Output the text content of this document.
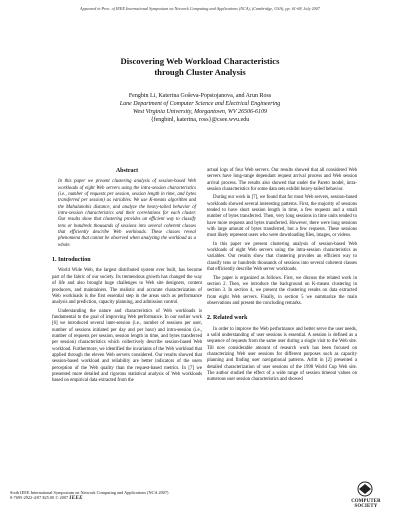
Appeared in Proc. of IEEE International Symposium on Network Computing and Applications (NCA), (Cambridge, USA), pp. 61-68, July 2007
Discovering Web Workload Characteristics
through Cluster Analysis
Fengbin Li, Katerina Goševa-Popstojanova, and Arun Ross
Lane Department of Computer Science and Electrical Engineering
West Virginia University, Morgantown, WV 26506-6109
{fengbinl, katerina, ross}@csee.wvu.edu
Abstract
In this paper we present clustering analysis of session-based Web workloads of eight Web servers using the intra-session characteristics (i.e., number of requests per session, session length in time, and bytes transferred per session) as variables. We use K-means algorithm and the Mahalanobis distance, and analyze the heavy-tailed behavior of intra-session characteristics and their correlations for each cluster. Our results show that clustering provides an efficient way to classify tens or hundreds thousands of sessions into several coherent classes that efficiently describe Web workloads. These classes reveal phenomena that cannot be observed when analyzing the workload as a whole.
1. Introduction

World Wide Web, the largest distributed system ever built, has become part of the fabric of our society. Its tremendous growth has changed the way of life and also brought huge challenges to Web site designers, content producers, and maintainers. The realistic and accurate characterization of Web workloads is the first essential step in the areas such as performance analysis and prediction, capacity planning, and admission control.

Understanding the nature and characteristics of Web workloads is fundamental to the goal of improving Web performance. In our earlier work [6] we introduced several inter-session (i.e., number of sessions per user, number of sessions initiated per day and per hour) and intra-session (i.e., number of requests per session, session length in time, and bytes transferred per session) characteristics which collectively describe session-based Web workload. Furthermore, we identified the invariants of the Web workload that applied through the eleven Web servers considered. Our results showed that session-based workload and reliability are better indicators of the users perception of the Web quality than the request-based metrics. In [7] we presented more detailed and rigorous statistical analysis of Web workloads based on empirical data extracted from the

actual logs of four Web servers. Our results showed that all considered Web servers have long-range dependant request arrival process and Web session arrival process. The results also showed that under the Pareto model, intra-session characteristics for some data sets exhibit heavy-tailed behavior.

During our work in [7], we found that for most Web servers, session-based workloads showed several interesting patterns. First, the majority of sessions tended to have short session length in time, a few requests and a small number of bytes transferred. Then, very long sessions in time units tended to have more requests and bytes transferred. However, there were long sessions with large amount of bytes transferred, but a few requests. These sessions most likely represent users who were downloading files, images, or videos.

In this paper we present clustering analysis of session-based Web workloads of eight Web servers using the intra-session characteristics as variables. Our results show that clustering provides an efficient way to classify tens or hundreds thousands of sessions into several coherent classes that efficiently describe Web server workloads.

The paper is organized as follows. First, we discuss the related work in section 2. Then, we introduce the background on K-means clustering in section 3. In section 4, we present the clustering results on data extracted from eight Web servers. Finally, in section 5 we summarize the main observations and present the concluding remarks.

2. Related work

In order to improve the Web performance and better serve the user needs, a solid understanding of user sessions is essential. A session is defined as a sequence of requests from the same user during a single visit to the Web site. Till now considerable amount of research work has been focused on characterizing Web user sessions for different purposes such as capacity planning and finding user navigational patterns. Arlitt in [2] presented a detailed characterization of user sessions of the 1998 World Cup Web site. The author studied the effect of a wide range of session timeout values on numerous user session characteristics and showed

Sixth IEEE International Symposium on Network Computing and Applications (NCA 2007)
0-7695-2922-4/07 $25.00 © 2007 IEEE
COMPUTER
SOCIETY
